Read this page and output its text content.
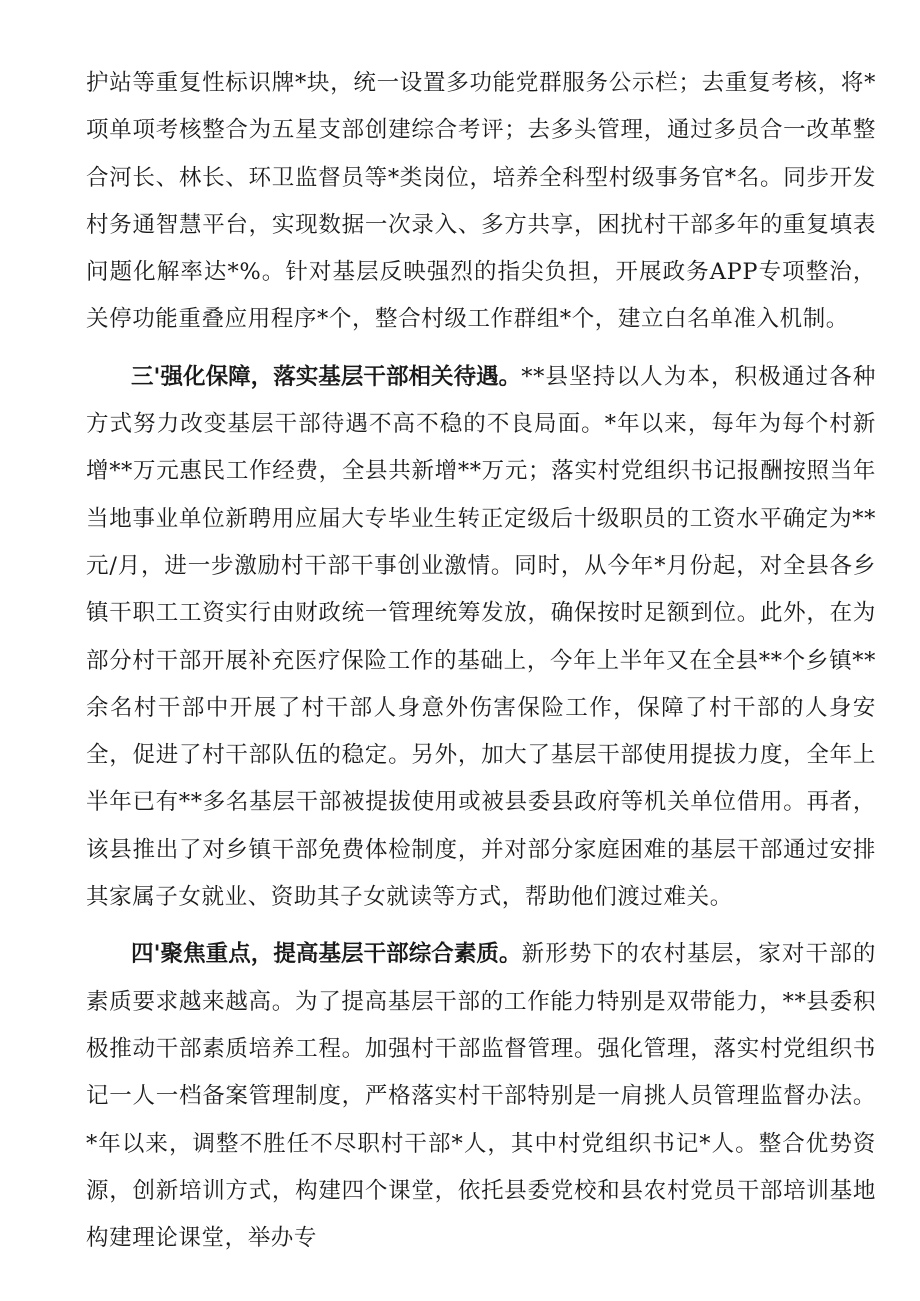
护站等重复性标识牌*块，统一设置多功能党群服务公示栏；去重复考核，将*项单项考核整合为五星支部创建综合考评；去多头管理，通过多员合一改革整合河长、林长、环卫监督员等*类岗位，培养全科型村级事务官*名。同步开发村务通智慧平台，实现数据一次录入、多方共享，困扰村干部多年的重复填表问题化解率达*%。针对基层反映强烈的指尖负担，开展政务APP专项整治，关停功能重叠应用程序*个，整合村级工作群组*个，建立白名单准入机制。

三'强化保障，落实基层干部相关待遇。**县坚持以人为本，积极通过各种方式努力改变基层干部待遇不高不稳的不良局面。*年以来，每年为每个村新增**万元惠民工作经费，全县共新增**万元；落实村党组织书记报酬按照当年当地事业单位新聘用应届大专毕业生转正定级后十级职员的工资水平确定为**元/月，进一步激励村干部干事创业激情。同时，从今年*月份起，对全县各乡镇干职工工资实行由财政统一管理统筹发放，确保按时足额到位。此外，在为部分村干部开展补充医疗保险工作的基础上，今年上半年又在全县**个乡镇**余名村干部中开展了村干部人身意外伤害保险工作，保障了村干部的人身安全，促进了村干部队伍的稳定。另外，加大了基层干部使用提拔力度，全年上半年已有**多名基层干部被提拔使用或被县委县政府等机关单位借用。再者，该县推出了对乡镇干部免费体检制度，并对部分家庭困难的基层干部通过安排其家属子女就业、资助其子女就读等方式，帮助他们渡过难关。

四'聚焦重点，提高基层干部综合素质。新形势下的农村基层，家对干部的素质要求越来越高。为了提高基层干部的工作能力特别是双带能力，**县委积极推动干部素质培养工程。加强村干部监督管理。强化管理，落实村党组织书记一人一档备案管理制度，严格落实村干部特别是一肩挑人员管理监督办法。*年以来，调整不胜任不尽职村干部*人，其中村党组织书记*人。整合优势资源，创新培训方式，构建四个课堂，依托县委党校和县农村党员干部培训基地构建理论课堂，举办专
